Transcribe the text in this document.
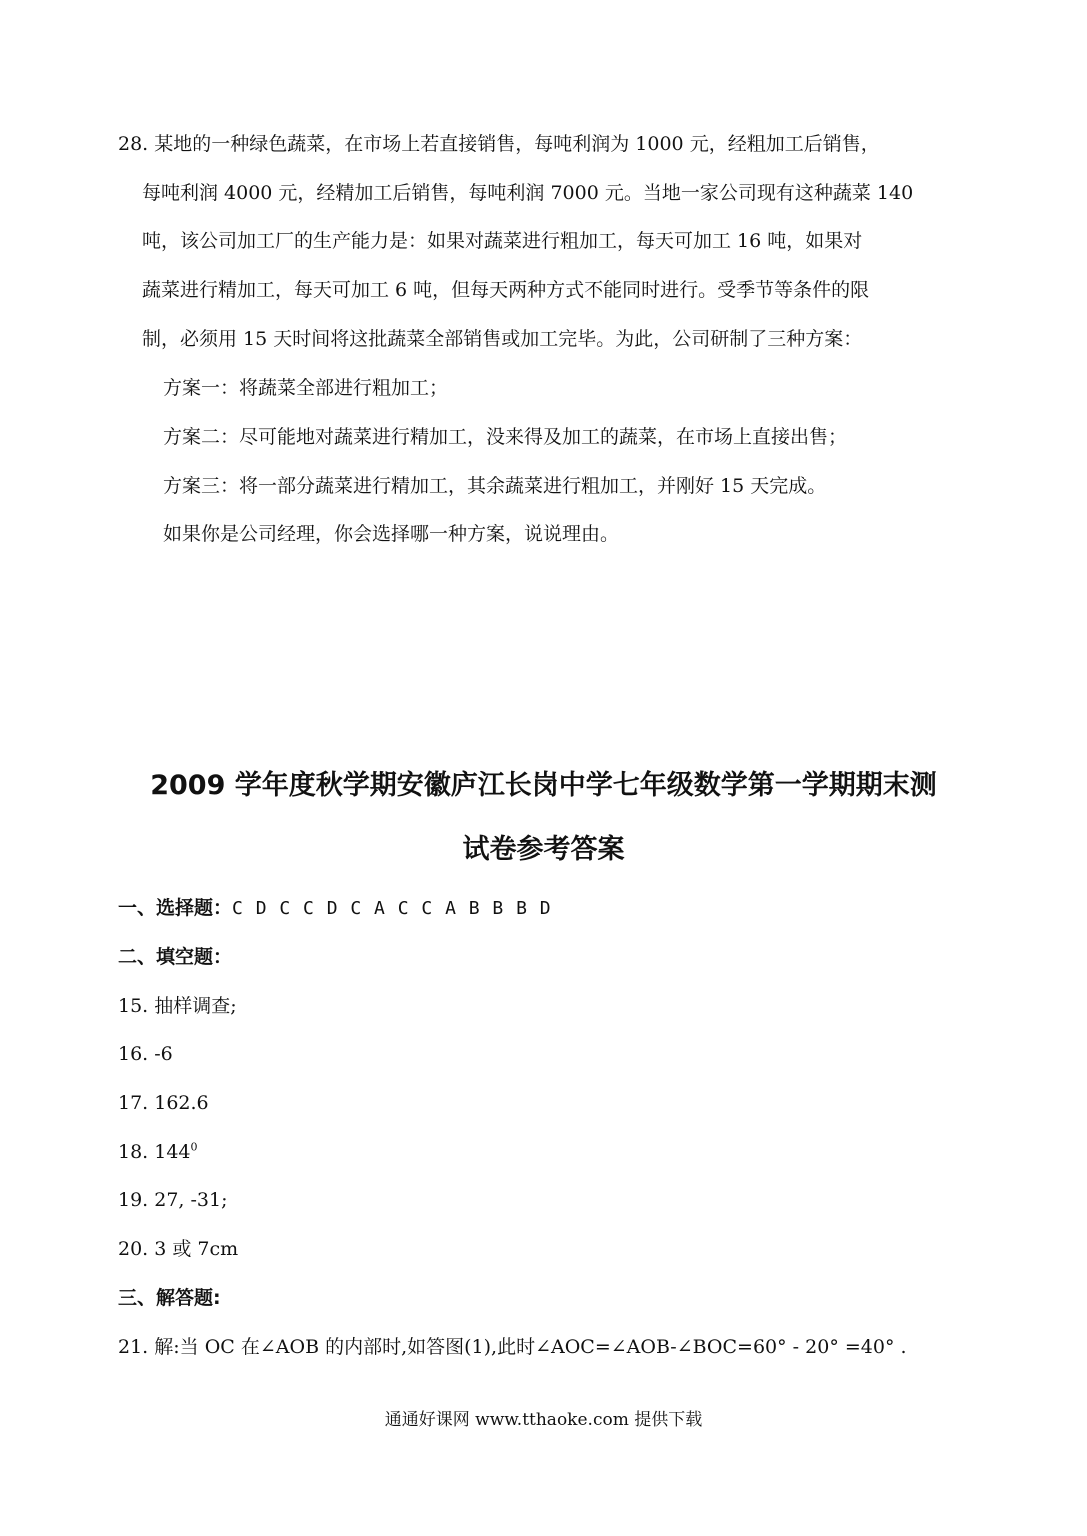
28. 某地的一种绿色蔬菜，在市场上若直接销售，每吨利润为 1000 元，经粗加工后销售，
每吨利润 4000 元，经精加工后销售，每吨利润 7000 元。当地一家公司现有这种蔬菜 140
吨，该公司加工厂的生产能力是：如果对蔬菜进行粗加工，每天可加工 16 吨，如果对
蔬菜进行精加工，每天可加工 6 吨，但每天两种方式不能同时进行。受季节等条件的限
制，必须用 15 天时间将这批蔬菜全部销售或加工完毕。为此，公司研制了三种方案：
方案一：将蔬菜全部进行粗加工；
方案二：尽可能地对蔬菜进行精加工，没来得及加工的蔬菜，在市场上直接出售；
方案三：将一部分蔬菜进行精加工，其余蔬菜进行粗加工，并刚好 15 天完成。
如果你是公司经理，你会选择哪一种方案，说说理由。
2009 学年度秋学期安徽庐江长岗中学七年级数学第一学期期末测
试卷参考答案
一、选择题：C D C C D C A C C A B B B D
二、填空题：
15. 抽样调查;
16. -6
17. 162.6
18. $144^0$
19. 27, -31;
20. 3 或 7cm
三、解答题:
21. 解:当 OC 在∠AOB 的内部时,如答图(1),此时∠AOC=∠AOB-∠BOC=60° - 20° =40° .
通通好课网 www.tthaoke.com 提供下载
